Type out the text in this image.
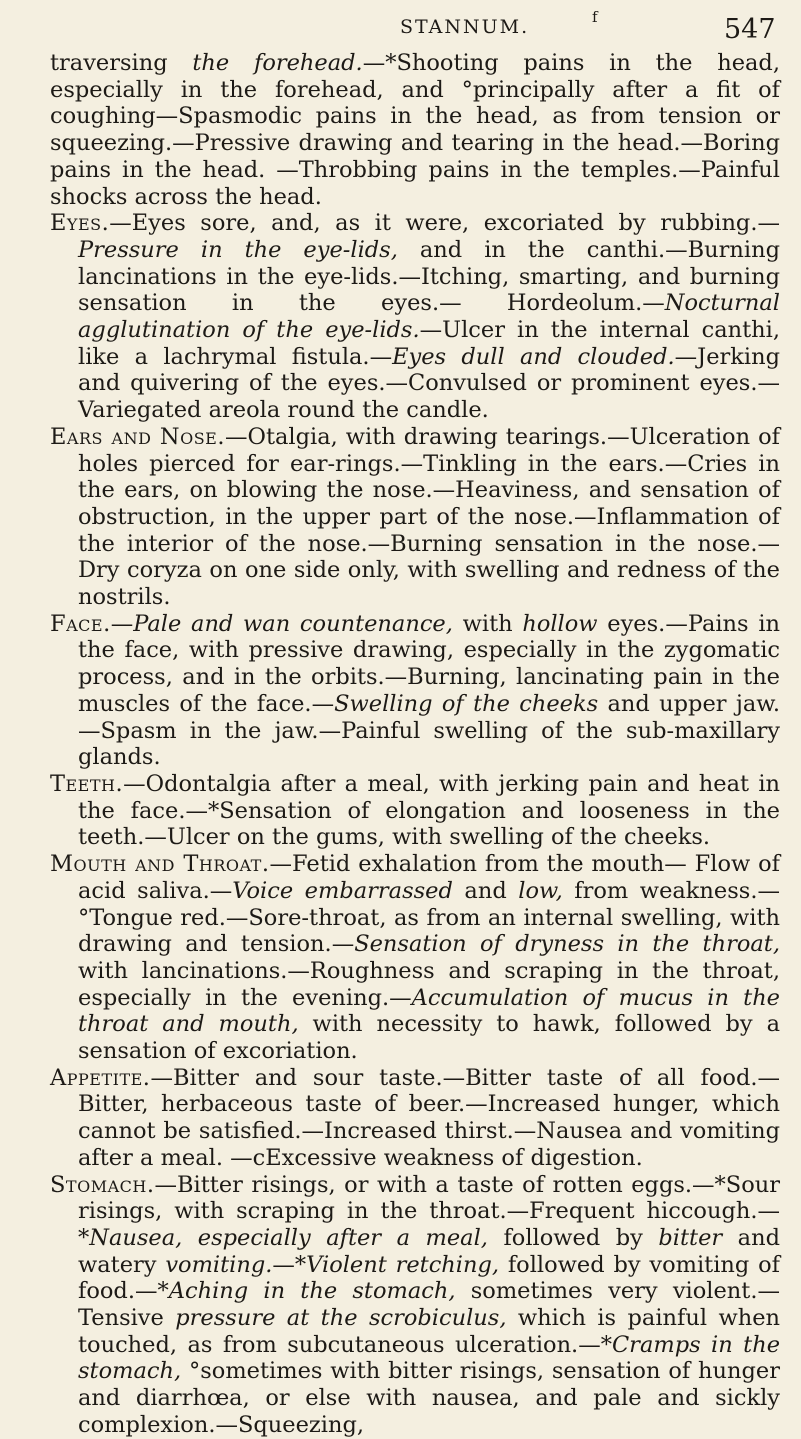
STANNUM.	f	547

traversing the forehead.—*Shooting pains in the head, especially in the forehead, and °principally after a fit of coughing—Spasmodic pains in the head, as from tension or squeezing.—Pressive drawing and tearing in the head.—Boring pains in the head. —Throbbing pains in the temples.—Painful shocks across the head.

Eyes.—Eyes sore, and, as it were, excoriated by rubbing.—Pressure in the eye-lids, and in the canthi.—Burning lancinations in the eye-lids.—Itching, smarting, and burning sensation in the eyes.— Hordeolum.—Nocturnal agglutination of the eye-lids.—Ulcer in the internal canthi, like a lachrymal fistula.—Eyes dull and clouded.—Jerking and quivering of the eyes.—Convulsed or prominent eyes.—Variegated areola round the candle.

Ears and Nose.—Otalgia, with drawing tearings.—Ulceration of holes pierced for ear-rings.—Tinkling in the ears.—Cries in the ears, on blowing the nose.—Heaviness, and sensation of obstruction, in the upper part of the nose.—Inflammation of the interior of the nose.—Burning sensation in the nose.— Dry coryza on one side only, with swelling and redness of the nostrils.

Face.—Pale and wan countenance, with hollow eyes.—Pains in the face, with pressive drawing, especially in the zygomatic process, and in the orbits.—Burning, lancinating pain in the muscles of the face.—Swelling of the cheeks and upper jaw.—Spasm in the jaw.—Painful swelling of the sub-maxillary glands.

Teeth.—Odontalgia after a meal, with jerking pain and heat in the face.—*Sensation of elongation and looseness in the teeth.—Ulcer on the gums, with swelling of the cheeks.

Mouth and Throat.—Fetid exhalation from the mouth— Flow of acid saliva.—Voice embarrassed and low, from weakness.—°Tongue red.—Sore-throat, as from an internal swelling, with drawing and tension.—Sensation of dryness in the throat, with lancinations.—Roughness and scraping in the throat, especially in the evening.—Accumulation of mucus in the throat and mouth, with necessity to hawk, followed by a sensation of excoriation.

Appetite.—Bitter and sour taste.—Bitter taste of all food.—Bitter, herbaceous taste of beer.—Increased hunger, which cannot be satisfied.—Increased thirst.—Nausea and vomiting after a meal. —cExcessive weakness of digestion.

Stomach.—Bitter risings, or with a taste of rotten eggs.—*Sour risings, with scraping in the throat.—Frequent hiccough.—*Nausea, especially after a meal, followed by bitter and watery vomiting.—*Violent retching, followed by vomiting of food.—*Aching in the stomach, sometimes very violent.—Tensive pressure at the scrobiculus, which is painful when touched, as from subcutaneous ulceration.—*Cramps in the stomach, °sometimes with bitter risings, sensation of hunger and diarrhœa, or else with nausea, and pale and sickly complexion.—Squeezing,
